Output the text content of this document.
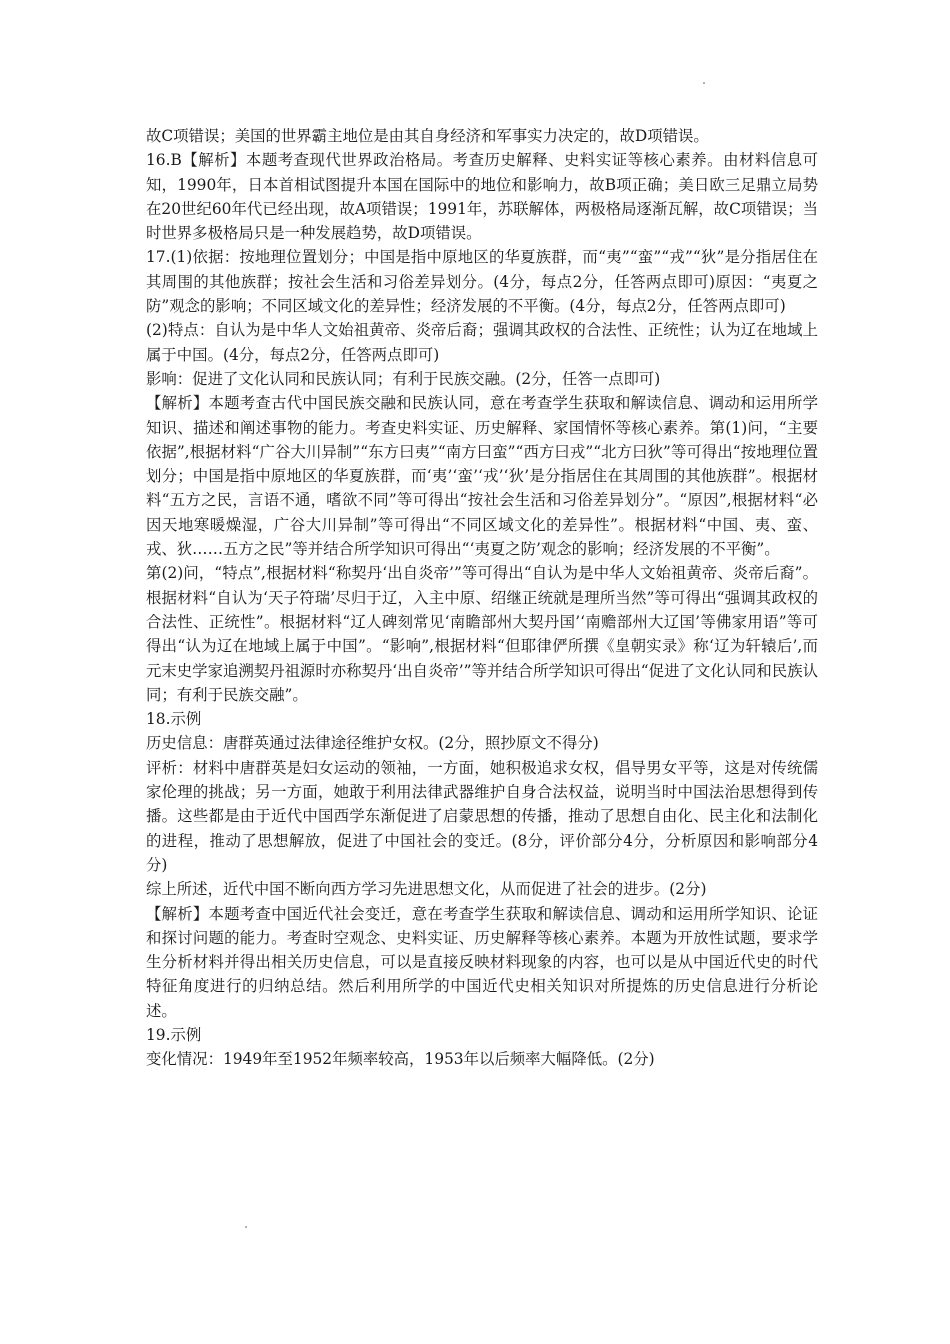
故C项错误；美国的世界霸主地位是由其自身经济和军事实力决定的，故D项错误。

16.B【解析】本题考查现代世界政治格局。考查历史解释、史料实证等核心素养。由材料信息可知，1990年，日本首相试图提升本国在国际中的地位和影响力，故B项正确；美日欧三足鼎立局势在20世纪60年代已经出现，故A项错误；1991年，苏联解体，两极格局逐渐瓦解，故C项错误；当时世界多极格局只是一种发展趋势，故D项错误。

17.(1)依据：按地理位置划分；中国是指中原地区的华夏族群，而“夷”“蛮”“戎”“狄”是分指居住在其周围的其他族群；按社会生活和习俗差异划分。(4分，每点2分，任答两点即可)原因：“夷夏之防”观念的影响；不同区域文化的差异性；经济发展的不平衡。(4分，每点2分，任答两点即可)

(2)特点：自认为是中华人文始祖黄帝、炎帝后裔；强调其政权的合法性、正统性；认为辽在地域上属于中国。(4分，每点2分，任答两点即可)

影响：促进了文化认同和民族认同；有利于民族交融。(2分，任答一点即可)

【解析】本题考查古代中国民族交融和民族认同，意在考查学生获取和解读信息、调动和运用所学知识、描述和阐述事物的能力。考查史料实证、历史解释、家国情怀等核心素养。第(1)问，“主要依据”,根据材料“广谷大川异制”“东方曰夷”“南方曰蛮”“西方曰戎”“北方曰狄”等可得出“按地理位置划分；中国是指中原地区的华夏族群，而‘夷’‘蛮’‘戎’‘狄’是分指居住在其周围的其他族群”。根据材料“五方之民，言语不通，嗜欲不同”等可得出“按社会生活和习俗差异划分”。“原因”,根据材料“必因天地寒暖燥湿，广谷大川异制”等可得出“不同区域文化的差异性”。根据材料“中国、夷、蛮、戎、狄……五方之民”等并结合所学知识可得出“‘夷夏之防’观念的影响；经济发展的不平衡”。

第(2)问，“特点”,根据材料“称契丹‘出自炎帝’”等可得出“自认为是中华人文始祖黄帝、炎帝后裔”。根据材料“自认为‘天子符瑞’尽归于辽，入主中原、绍继正统就是理所当然”等可得出“强调其政权的合法性、正统性”。根据材料“辽人碑刻常见‘南瞻部州大契丹国’‘南赡部州大辽国’等佛家用语”等可得出“认为辽在地域上属于中国”。“影响”,根据材料“但耶律俨所撰《皇朝实录》称‘辽为轩辕后’,而元末史学家追溯契丹祖源时亦称契丹‘出自炎帝’”等并结合所学知识可得出“促进了文化认同和民族认同；有利于民族交融”。

18.示例

历史信息：唐群英通过法律途径维护女权。(2分，照抄原文不得分)

评析：材料中唐群英是妇女运动的领袖，一方面，她积极追求女权，倡导男女平等，这是对传统儒家伦理的挑战；另一方面，她敢于利用法律武器维护自身合法权益，说明当时中国法治思想得到传播。这些都是由于近代中国西学东渐促进了启蒙思想的传播，推动了思想自由化、民主化和法制化的进程，推动了思想解放，促进了中国社会的变迁。(8分，评价部分4分，分析原因和影响部分4分)

综上所述，近代中国不断向西方学习先进思想文化，从而促进了社会的进步。(2分)

【解析】本题考查中国近代社会变迁，意在考查学生获取和解读信息、调动和运用所学知识、论证和探讨问题的能力。考查时空观念、史料实证、历史解释等核心素养。本题为开放性试题，要求学生分析材料并得出相关历史信息，可以是直接反映材料现象的内容，也可以是从中国近代史的时代特征角度进行的归纳总结。然后利用所学的中国近代史相关知识对所提炼的历史信息进行分析论述。

19.示例

变化情况：1949年至1952年频率较高，1953年以后频率大幅降低。(2分)
